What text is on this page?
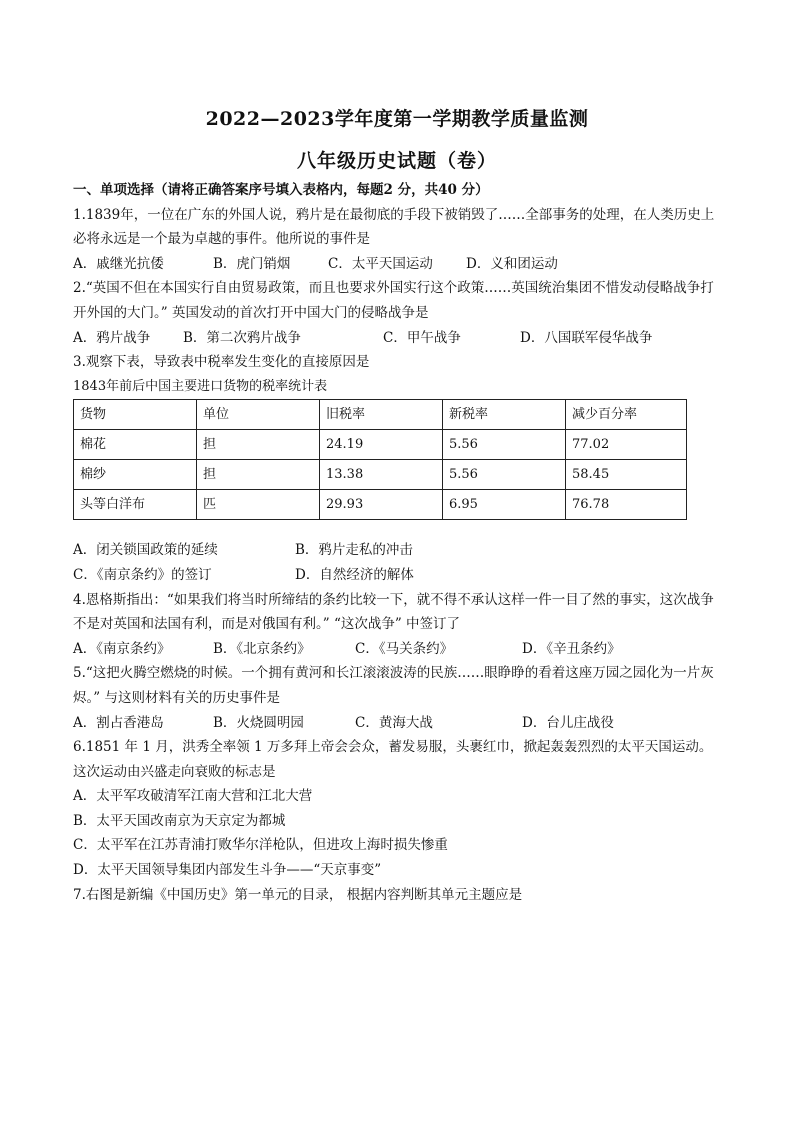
2022—2023学年度第一学期教学质量监测
八年级历史试题（卷）
一、单项选择（请将正确答案序号填入表格内，每题2 分，共40 分）
1.1839年，一位在广东的外国人说，鸦片是在最彻底的手段下被销毁了……全部事务的处理，在人类历史上必将永远是一个最为卓越的事件。他所说的事件是
A．戚继光抗倭	B．虎门销烟	C．太平天国运动	D．义和团运动
2.“英国不但在本国实行自由贸易政策，而且也要求外国实行这个政策……英国统治集团不惜发动侵略战争打开外国的大门。” 英国发动的首次打开中国大门的侵略战争是
A．鸦片战争	B．第二次鸦片战争	C．甲午战争	D．八国联军侵华战争
3.观察下表，导致表中税率发生变化的直接原因是
1843年前后中国主要进口货物的税率统计表
货物	单位	旧税率	新税率	减少百分率
棉花	担	24.19	5.56	77.02
棉纱	担	13.38	5.56	58.45
头等白洋布	匹	29.93	6.95	76.78
A．闭关锁国政策的延续	B．鸦片走私的冲击
C．《南京条约》的签订	D．自然经济的解体
4.恩格斯指出：“如果我们将当时所缔结的条约比较一下，就不得不承认这样一件一目了然的事实，这次战争不是对英国和法国有利，而是对俄国有利。” “这次战争” 中签订了
A．《南京条约》	B．《北京条约》	C．《马关条约》	D．《辛丑条约》
5.“这把火腾空燃烧的时候。一个拥有黄河和长江滚滚波涛的民族……眼睁睁的看着这座万园之园化为一片灰烬。” 与这则材料有关的历史事件是
A．割占香港岛	B．火烧圆明园	C．黄海大战	D．台儿庄战役
6.1851 年 1 月，洪秀全率领 1 万多拜上帝会会众，蓄发易服，头裹红巾，掀起轰轰烈烈的太平天国运动。这次运动由兴盛走向衰败的标志是
A．太平军攻破清军江南大营和江北大营
B．太平天国改南京为天京定为都城
C．太平军在江苏青浦打败华尔洋枪队，但进攻上海时损失惨重
D．太平天国领导集团内部发生斗争——“天京事变”
7.右图是新编《中国历史》第一单元的目录， 根据内容判断其单元主题应是
